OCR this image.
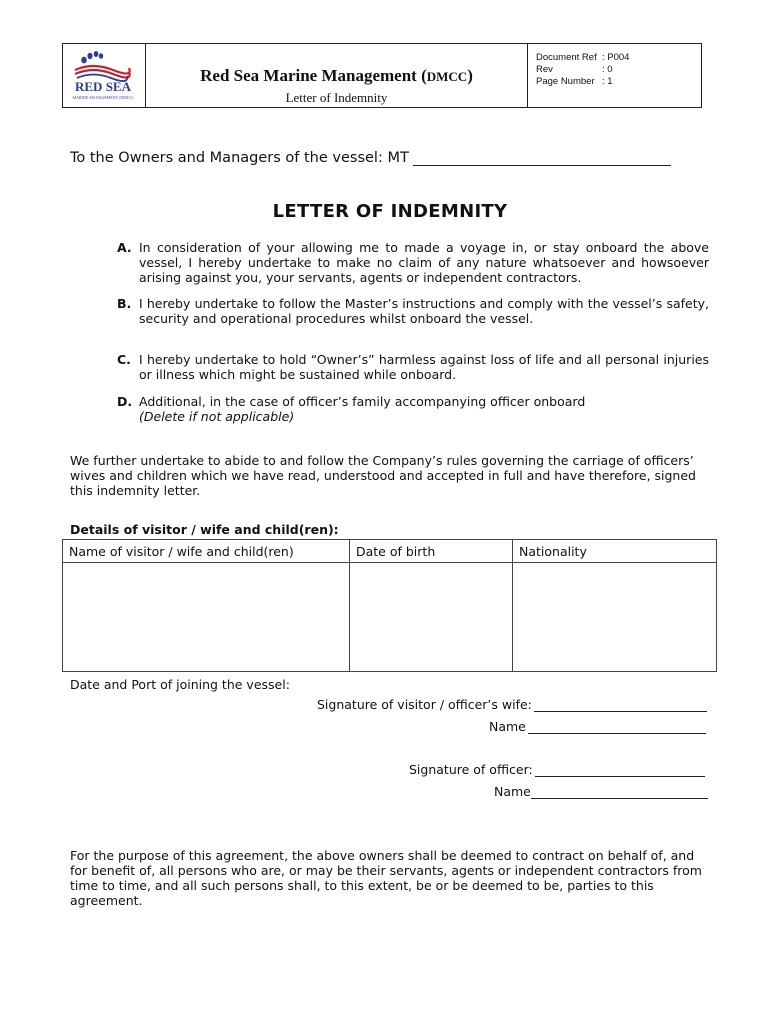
RED SEA
MARINE MANAGEMENT (DMCC)
Red Sea Marine Management (DMCC)
Letter of Indemnity
Document Ref : P004
Rev	: 0
Page Number : 1
To the Owners and Managers of the vessel: MT
LETTER OF INDEMNITY
A. In consideration of your allowing me to made a voyage in, or stay onboard the above vessel, I hereby undertake to make no claim of any nature whatsoever and howsoever arising against you, your servants, agents or independent contractors.
B. I hereby undertake to follow the Master’s instructions and comply with the vessel’s safety, security and operational procedures whilst onboard the vessel.
C. I hereby undertake to hold “Owner’s” harmless against loss of life and all personal injuries or illness which might be sustained while onboard.
D. Additional, in the case of officer’s family accompanying officer onboard
(Delete if not applicable)
We further undertake to abide to and follow the Company’s rules governing the carriage of officers’ wives and children which we have read, understood and accepted in full and have therefore, signed this indemnity letter.
Details of visitor / wife and child(ren):
Name of visitor / wife and child(ren)	Date of birth	Nationality

Date and Port of joining the vessel:
Signature of visitor / officer’s wife:
Name
Signature of officer:
Name
For the purpose of this agreement, the above owners shall be deemed to contract on behalf of, and for benefit of, all persons who are, or may be their servants, agents or independent contractors from time to time, and all such persons shall, to this extent, be or be deemed to be, parties to this agreement.
